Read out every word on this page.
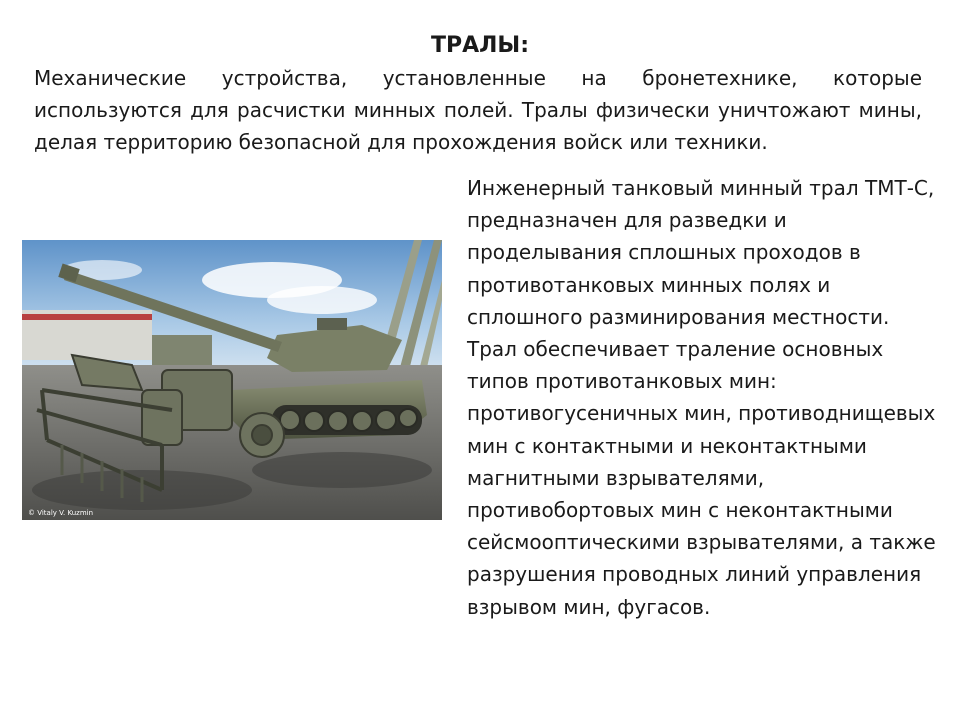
ТРАЛЫ:

Механические устройства, установленные на бронетехнике, которые используются для расчистки минных полей. Тралы физически уничтожают мины, делая территорию безопасной для прохождения войск или техники.

© Vitaly V. Kuzmin

Инженерный танковый минный трал ТМТ-С, предназначен для разведки и проделывания сплошных проходов в противотанковых минных полях и сплошного разминирования местности. Трал обеспечивает траление основных типов противотанковых мин: противогусеничных мин, противоднищевых мин с контактными и неконтактными магнитными взрывателями, противобортовых мин с неконтактными сейсмооптическими взрывателями, а также разрушения проводных линий управления взрывом мин, фугасов.
